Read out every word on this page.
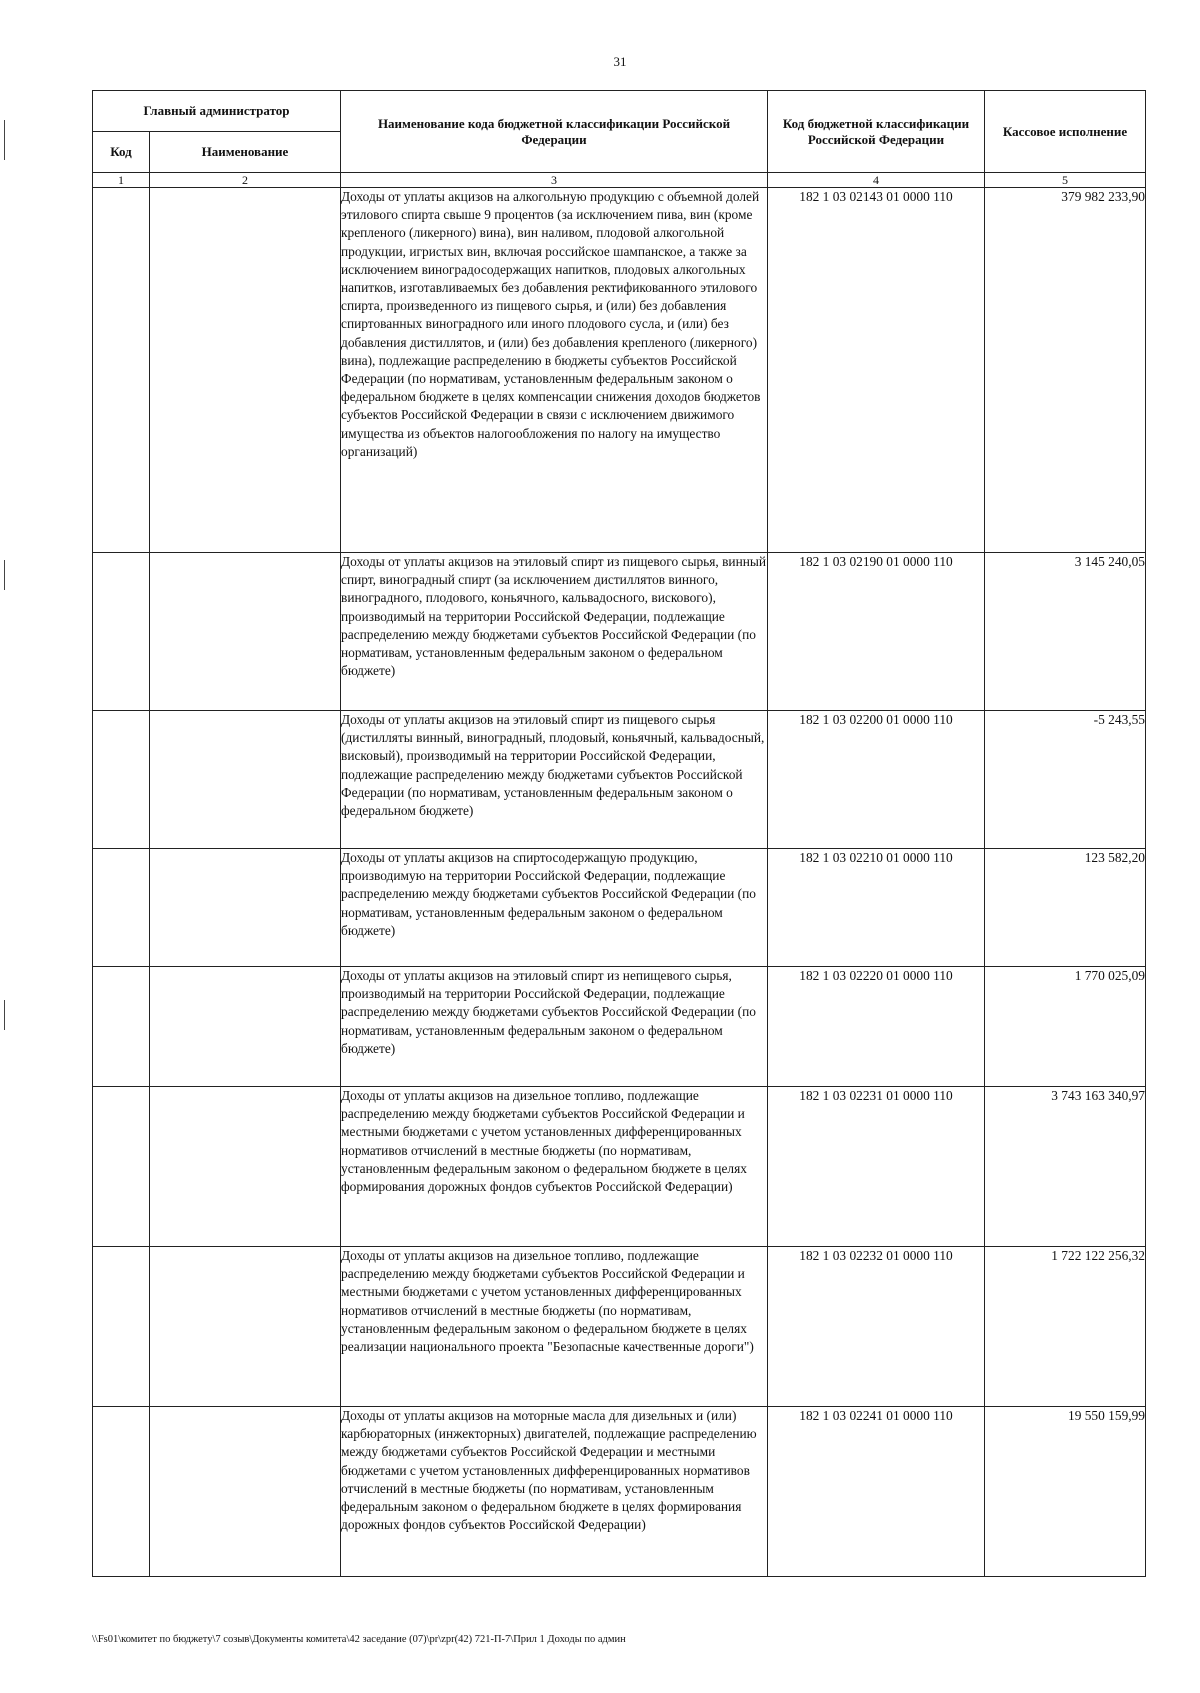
31
Главный администратор		Наименование кода бюджетной классификации Российской Федерации	Код бюджетной классификации Российской Федерации	Кассовое исполнение
Код	Наименование			
1	2	3	4	5
		Доходы от уплаты акцизов на алкогольную продукцию с объемной долей этилового спирта свыше 9 процентов (за исключением пива, вин (кроме крепленого (ликерного) вина), вин наливом, плодовой алкогольной продукции, игристых вин, включая российское шампанское, а также за исключением виноградосодержащих напитков, плодовых алкогольных напитков, изготавливаемых без добавления ректификованного этилового спирта, произведенного из пищевого сырья, и (или) без добавления спиртованных виноградного или иного плодового сусла, и (или) без добавления дистиллятов, и (или) без добавления крепленого (ликерного) вина), подлежащие распределению в бюджеты субъектов Российской Федерации (по нормативам, установленным федеральным законом о федеральном бюджете в целях компенсации снижения доходов бюджетов субъектов Российской Федерации в связи с исключением движимого имущества из объектов налогообложения по налогу на имущество организаций)	182 1 03 02143 01 0000 110	379 982 233,90
		Доходы от уплаты акцизов на этиловый спирт из пищевого сырья, винный спирт, виноградный спирт (за исключением дистиллятов винного, виноградного, плодового, коньячного, кальвадосного, вискового), производимый на территории Российской Федерации, подлежащие распределению между бюджетами субъектов Российской Федерации (по нормативам, установленным федеральным законом о федеральном бюджете)	182 1 03 02190 01 0000 110	3 145 240,05
		Доходы от уплаты акцизов на этиловый спирт из пищевого сырья (дистилляты винный, виноградный, плодовый, коньячный, кальвадосный, висковый), производимый на территории Российской Федерации, подлежащие распределению между бюджетами субъектов Российской Федерации (по нормативам, установленным федеральным законом о федеральном бюджете)	182 1 03 02200 01 0000 110	-5 243,55
		Доходы от уплаты акцизов на спиртосодержащую продукцию, производимую на территории Российской Федерации, подлежащие распределению между бюджетами субъектов Российской Федерации (по нормативам, установленным федеральным законом о федеральном бюджете)	182 1 03 02210 01 0000 110	123 582,20
		Доходы от уплаты акцизов на этиловый спирт из непищевого сырья, производимый на территории Российской Федерации, подлежащие распределению между бюджетами субъектов Российской Федерации (по нормативам, установленным федеральным законом о федеральном бюджете)	182 1 03 02220 01 0000 110	1 770 025,09
		Доходы от уплаты акцизов на дизельное топливо, подлежащие распределению между бюджетами субъектов Российской Федерации и местными бюджетами с учетом установленных дифференцированных нормативов отчислений в местные бюджеты (по нормативам, установленным федеральным законом о федеральном бюджете в целях формирования дорожных фондов субъектов Российской Федерации)	182 1 03 02231 01 0000 110	3 743 163 340,97
		Доходы от уплаты акцизов на дизельное топливо, подлежащие распределению между бюджетами субъектов Российской Федерации и местными бюджетами с учетом установленных дифференцированных нормативов отчислений в местные бюджеты (по нормативам, установленным федеральным законом о федеральном бюджете в целях реализации национального проекта "Безопасные качественные дороги")	182 1 03 02232 01 0000 110	1 722 122 256,32
		Доходы от уплаты акцизов на моторные масла для дизельных и (или) карбюраторных (инжекторных) двигателей, подлежащие распределению между бюджетами субъектов Российской Федерации и местными бюджетами с учетом установленных дифференцированных нормативов отчислений в местные бюджеты (по нормативам, установленным федеральным законом о федеральном бюджете в целях формирования дорожных фондов субъектов Российской Федерации)	182 1 03 02241 01 0000 110	19 550 159,99
\\Fs01\комитет по бюджету\7 созыв\Документы комитета\42 заседание (07)\pr\zpr(42) 721-П-7\Прил 1 Доходы по админ
